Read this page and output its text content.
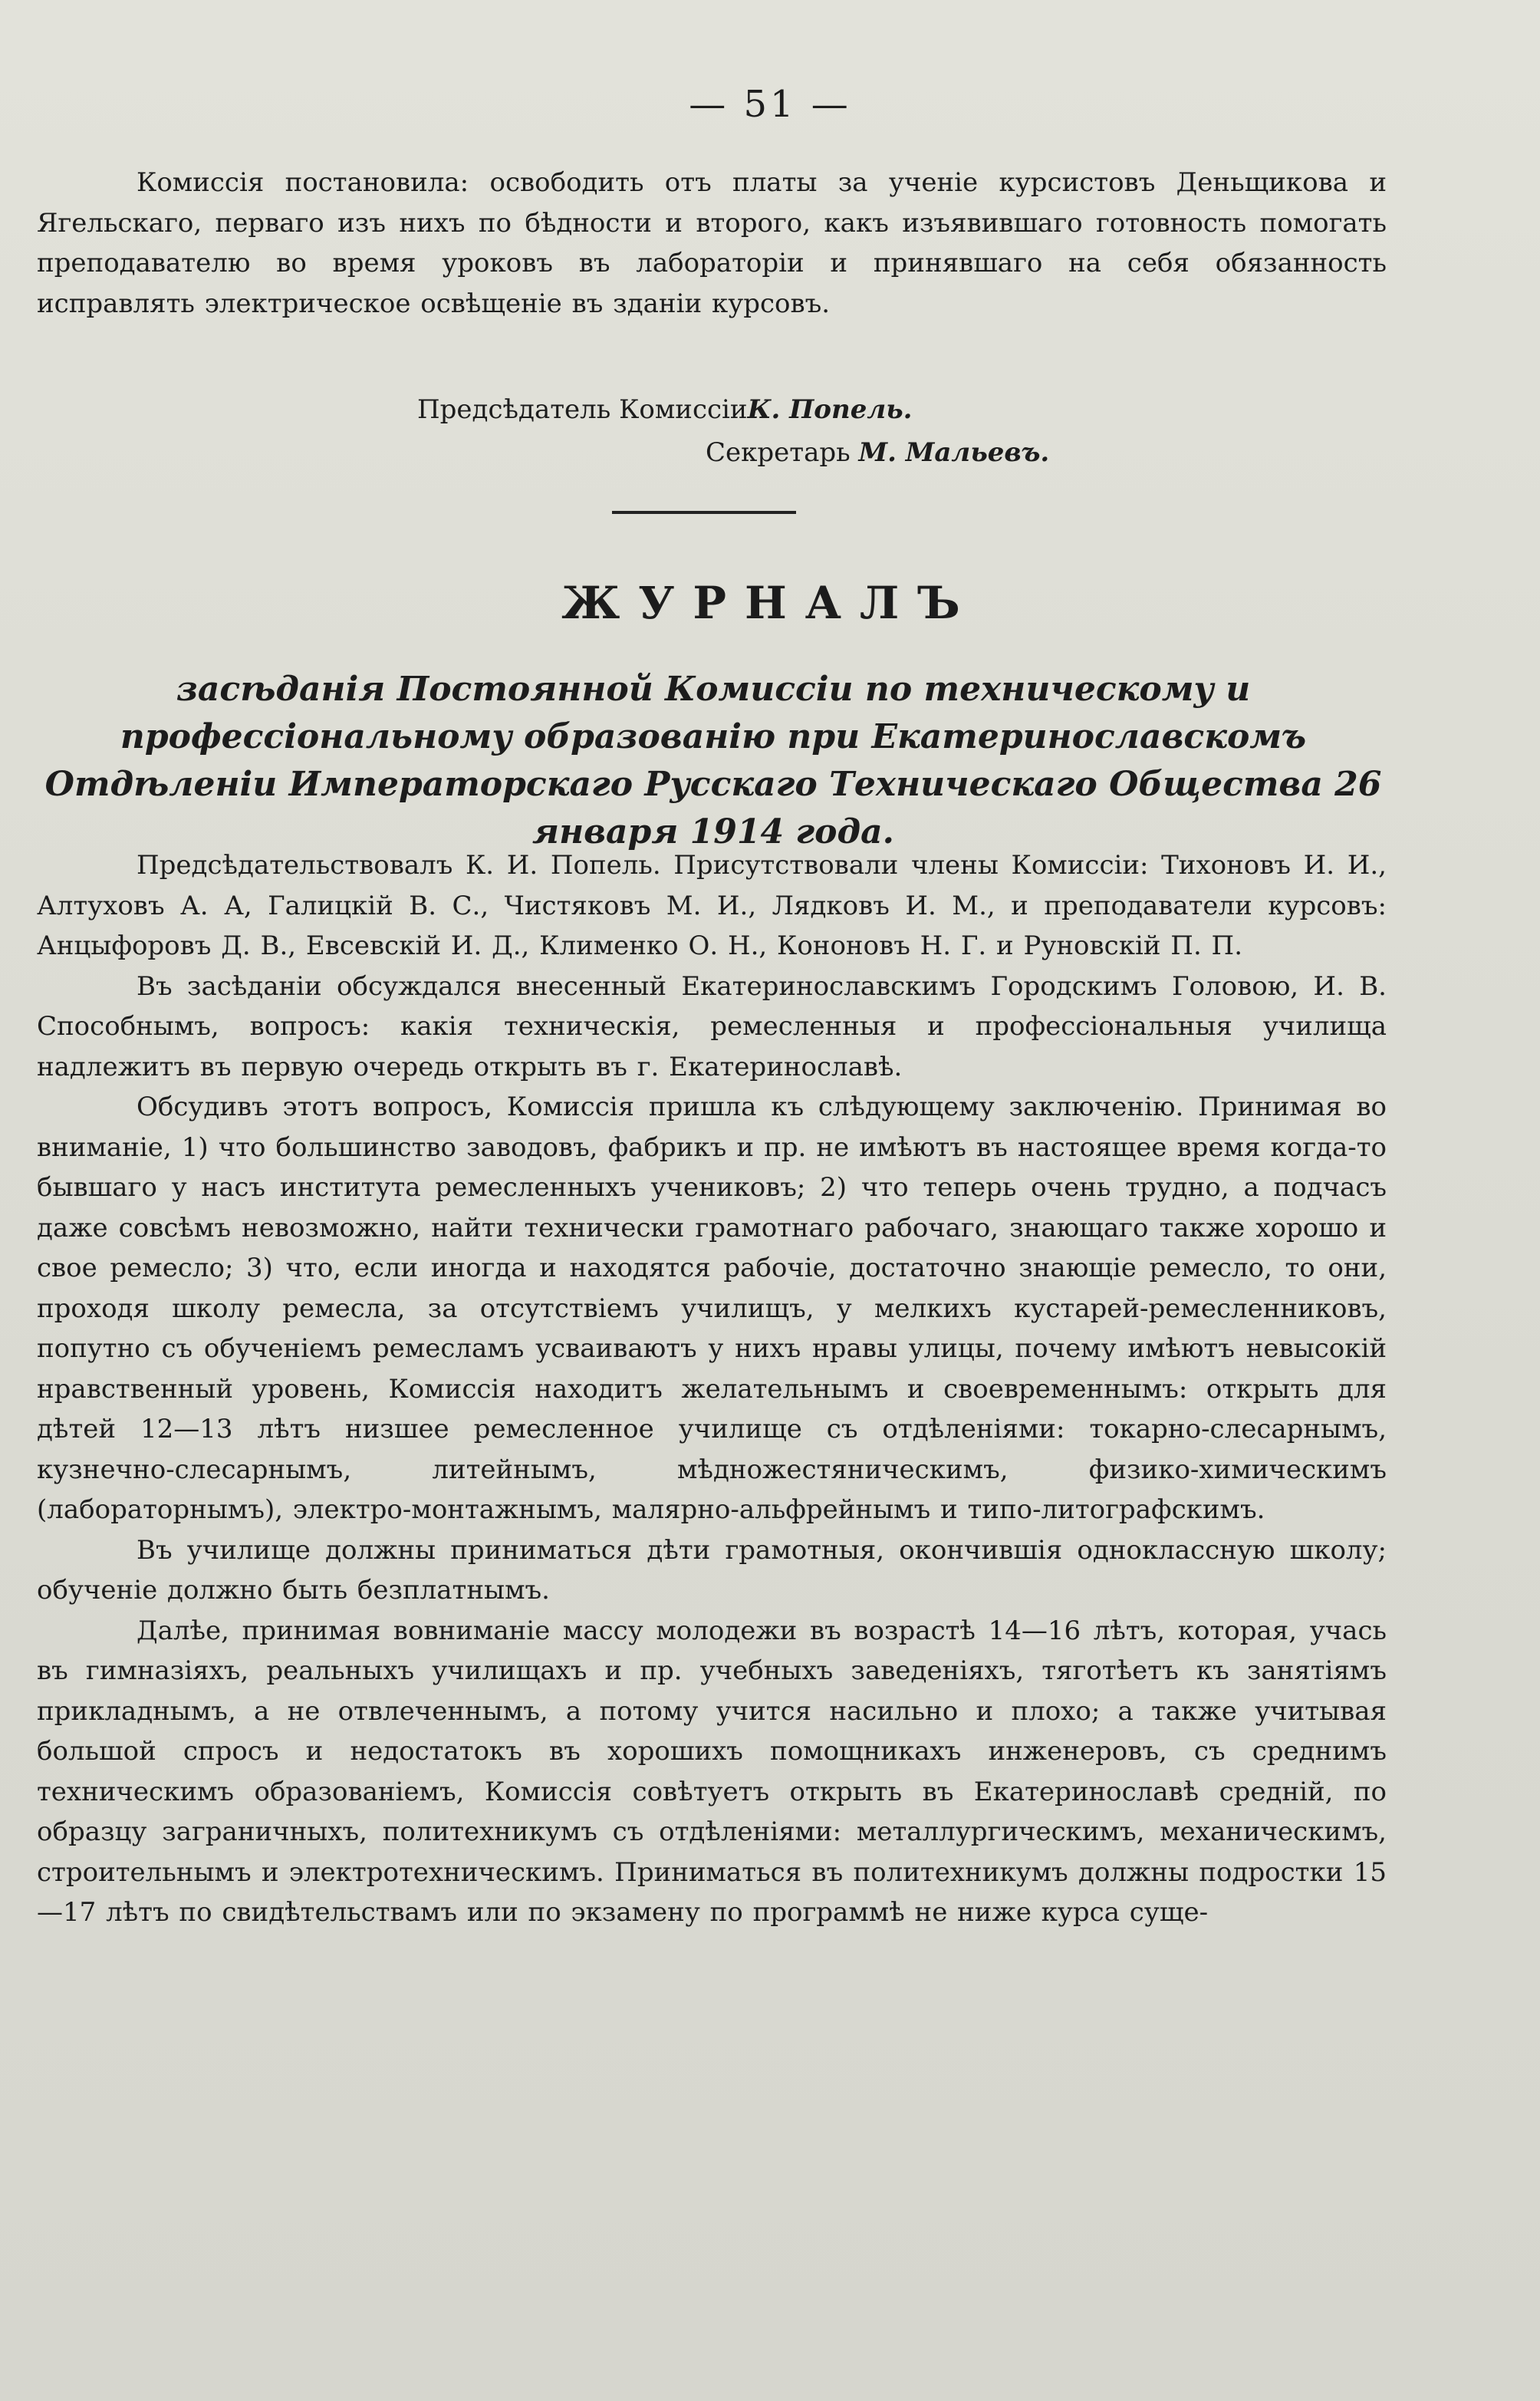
— 51 —

Комиссія постановила: освободить отъ платы за ученіе курсистовъ Деньщикова и Ягельскаго, перваго изъ нихъ по бѣдности и второго, какъ изъявившаго готовность помогать преподавателю во время уроковъ въ лабораторіи и принявшаго на себя обязанность исправлять электрическое освѣщеніе въ зданіи курсовъ.

Предсѣдатель КомиссіиК. Попель.
Секретарь М. Мальевъ.
ЖУРНАЛЪ

засѣданія Постоянной Комиссіи по техническому и профессіональному образованію при Екатеринославскомъ Отдѣленіи Императорскаго Русскаго Техническаго Общества 26 января 1914 года.

Предсѣдательствовалъ К. И. Попель. Присутствовали члены Комиссіи: Тихоновъ И. И., Алтуховъ А. А, Галицкій В. С., Чистяковъ М. И., Лядковъ И. М., и преподаватели курсовъ: Анцыфоровъ Д. В., Евсевскій И. Д., Клименко О. Н., Кононовъ Н. Г. и Руновскій П. П.

Въ засѣданіи обсуждался внесенный Екатеринославскимъ Городскимъ Головою, И. В. Способнымъ, вопросъ: какія техническія, ремесленныя и профессіональныя училища надлежитъ въ первую очередь открыть въ г. Екатеринославѣ.

Обсудивъ этотъ вопросъ, Комиссія пришла къ слѣдующему заключенію. Принимая во вниманіе, 1) что большинство заводовъ, фабрикъ и пр. не имѣютъ въ настоящее время когда-то бывшаго у насъ института ремесленныхъ учениковъ; 2) что теперь очень трудно, а подчасъ даже совсѣмъ невозможно, найти технически грамотнаго рабочаго, знающаго также хорошо и свое ремесло; 3) что, если иногда и находятся рабочіе, достаточно знающіе ремесло, то они, проходя школу ремесла, за отсутствіемъ училищъ, у мелкихъ кустарей-ремесленниковъ, попутно съ обученіемъ ремесламъ усваиваютъ у нихъ нравы улицы, почему имѣютъ невысокій нравственный уровень, Комиссія находитъ желательнымъ и своевременнымъ: открыть для дѣтей 12—13 лѣтъ низшее ремесленное училище съ отдѣленіями: токарно-слесарнымъ, кузнечно-слесарнымъ, литейнымъ, мѣдножестяническимъ, физико-химическимъ (лабораторнымъ), электро-монтажнымъ, малярно-альфрейнымъ и типо-литографскимъ.

Въ училище должны приниматься дѣти грамотныя, окончившія одноклассную школу; обученіе должно быть безплатнымъ.

Далѣе, принимая вовниманіе массу молодежи въ возрастѣ 14—16 лѣтъ, которая, учась въ гимназіяхъ, реальныхъ училищахъ и пр. учебныхъ заведеніяхъ, тяготѣетъ къ занятіямъ прикладнымъ, а не отвлеченнымъ, а потому учится насильно и плохо; а также учитывая большой спросъ и недостатокъ въ хорошихъ помощникахъ инженеровъ, съ среднимъ техническимъ образованіемъ, Комиссія совѣтуетъ открыть въ Екатеринославѣ средній, по образцу заграничныхъ, политехникумъ съ отдѣленіями: металлургическимъ, механическимъ, строительнымъ и электротехническимъ. Приниматься въ политехникумъ должны подростки 15—17 лѣтъ по свидѣтельствамъ или по экзамену по программѣ не ниже курса суще-
